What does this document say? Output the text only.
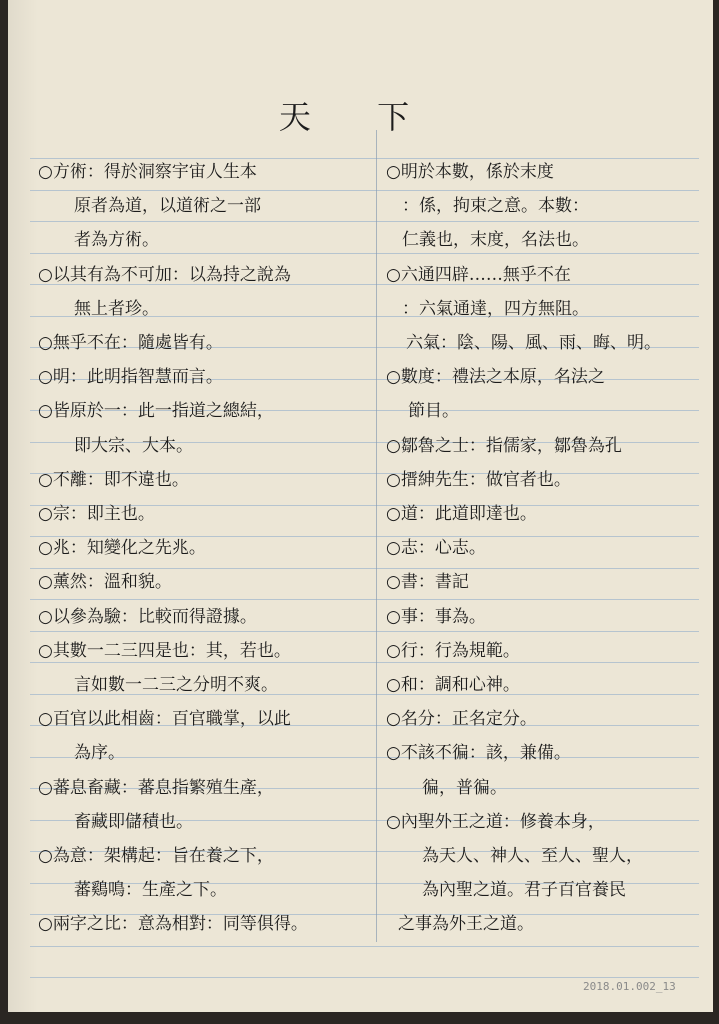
天 下
○方術：得於洞察宇宙人生本
原者為道，以道術之一部
者為方術。
○以其有為不可加：以為持之說為
無上者珍。
○無乎不在：隨處皆有。
○明：此明指智慧而言。
○皆原於一：此一指道之總結，
即大宗、大本。
○不離：即不違也。
○宗：即主也。
○兆：知變化之先兆。
○薰然：溫和貌。
○以參為驗：比較而得證據。
○其數一二三四是也：其，若也。
言如數一二三之分明不爽。
○百官以此相齒：百官職掌，以此
為序。
○蕃息畜藏：蕃息指繁殖生產，
畜藏即儲積也。
○為意：架構起：旨在養之下，
蕃鷄鳴：生產之下。
○兩字之比：意為相對：同等俱得。
○明於本數，係於末度
：係，拘束之意。本數：
仁義也，末度，名法也。
○六通四辟……無乎不在
：六氣通達，四方無阻。
六氣：陰、陽、風、雨、晦、明。
○數度：禮法之本原，名法之
節目。
○鄒魯之士：指儒家，鄒魯為孔
○搢紳先生：做官者也。
○道：此道即達也。
○志：心志。
○書：書記
○事：事為。
○行：行為規範。
○和：調和心神。
○名分：正名定分。
○不該不徧：該，兼備。
徧，普徧。
○內聖外王之道：修養本身，
為天人、神人、至人、聖人，
為內聖之道。君子百官養民
之事為外王之道。
2018.01.002_13
